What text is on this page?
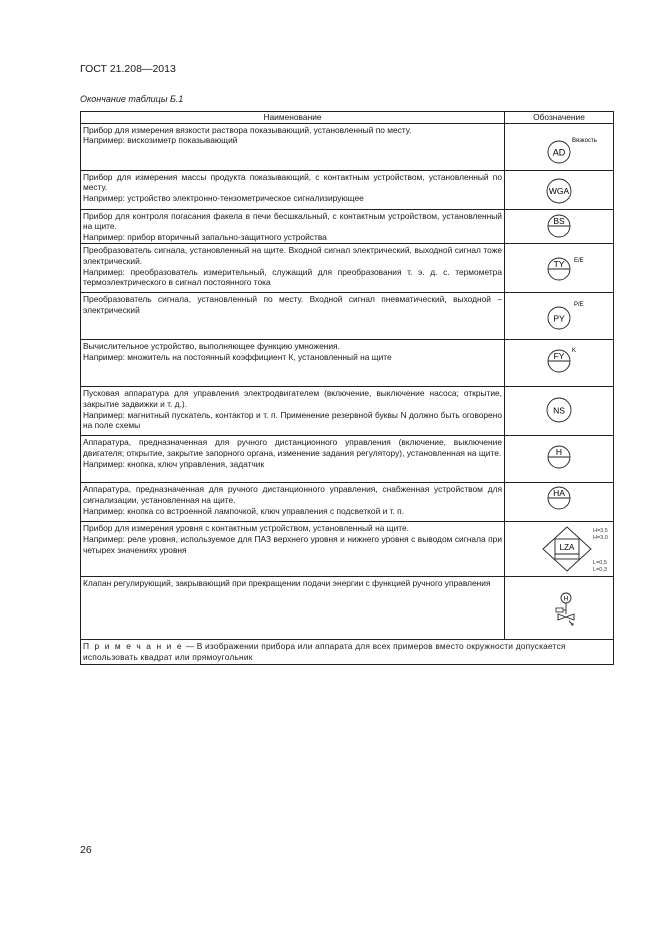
ГОСТ 21.208—2013
Окончание таблицы Б.1
Наименование	Обозначение

Прибор для измерения вязкости раствора показывающий, установленный по месту.
Например: вискозиметр показывающий	AD
Вязкость

Прибор для измерения массы продукта показывающий, с контактным устройством, установленный по месту.
Например: устройство электронно-тензометрическое сигнализирующее	WGA

Прибор для контроля погасания факела в печи бесшкальный, с контактным устройством, установленный на щите.
Например: прибор вторичный запально-защитного устройства	BS

Преобразователь сигнала, установленный на щите. Входной сигнал электрический, выходной сигнал тоже электрический.
Например: преобразователь измерительный, служащий для преобразования т. э. д. с. термометра термоэлектрического в сигнал постоянного тока	TY E/E

Преобразователь сигнала, установленный по месту. Входной сигнал пневматический, выходной – электрический	PY
P/E

Вычислительное устройство, выполняющее функцию умножения.
Например: множитель на постоянный коэффициент К, установленный на щите	FY K

Пусковая аппаратура для управления электродвигателем (включение, выключение насоса; открытие, закрытие задвижки и т. д.).
Например: магнитный пускатель, контактор и т. п. Применение резервной буквы N должно быть оговорено на поле схемы	NS

Аппаратура, предназначенная для ручного дистанционного управления (включение, выключение двигателя; открытие, закрытие запорного органа, изменение задания регулятору), установленная на щите.
Например: кнопка, ключ управления, задатчик	H

Аппаратура, предназначенная для ручного дистанционного управления, снабженная устройством для сигнализации, установленная на щите.
Например: кнопка со встроенной лампочкой, ключ управления с подсветкой и т. п.	HA

Прибор для измерения уровня с контактным устройством, установленный на щите.
Например: реле уровня, используемое для ПАЗ верхнего уровня и нижнего уровня с выводом сигнала при четырех значениях уровня	LZA
H=3,5
H=3,0
L=0,5
L=0,3

Клапан регулирующий, закрывающий при прекращении подачи энергии с функцией ручного управления	H

П р и м е ч а н и е — В изображении прибора или аппарата для всех примеров вместо окружности допускается использовать квадрат или прямоугольник	
26
